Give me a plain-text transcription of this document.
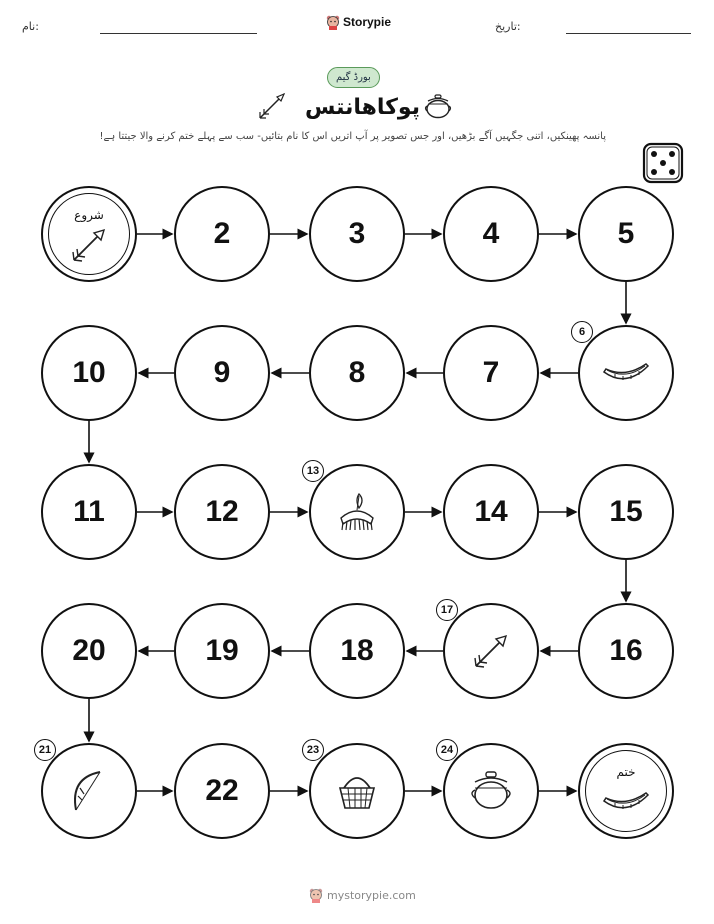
نام:	Storypie	تاریخ:
بورڈ گیم
پوکاھانتس
پانسہ پھینکیں، اتنی جگہیں آگے بڑھیں، اور جس تصویر پر آپ اتریں اس کا نام بتائیں- سب سے پہلے ختم کرنے والا جیتتا ہے!
شروع
2	3	4	5
6
7
8
9
10
11	12
13
14	15
16
17
18
19
20
21
22
23	24
ختم
mystorypie.com
